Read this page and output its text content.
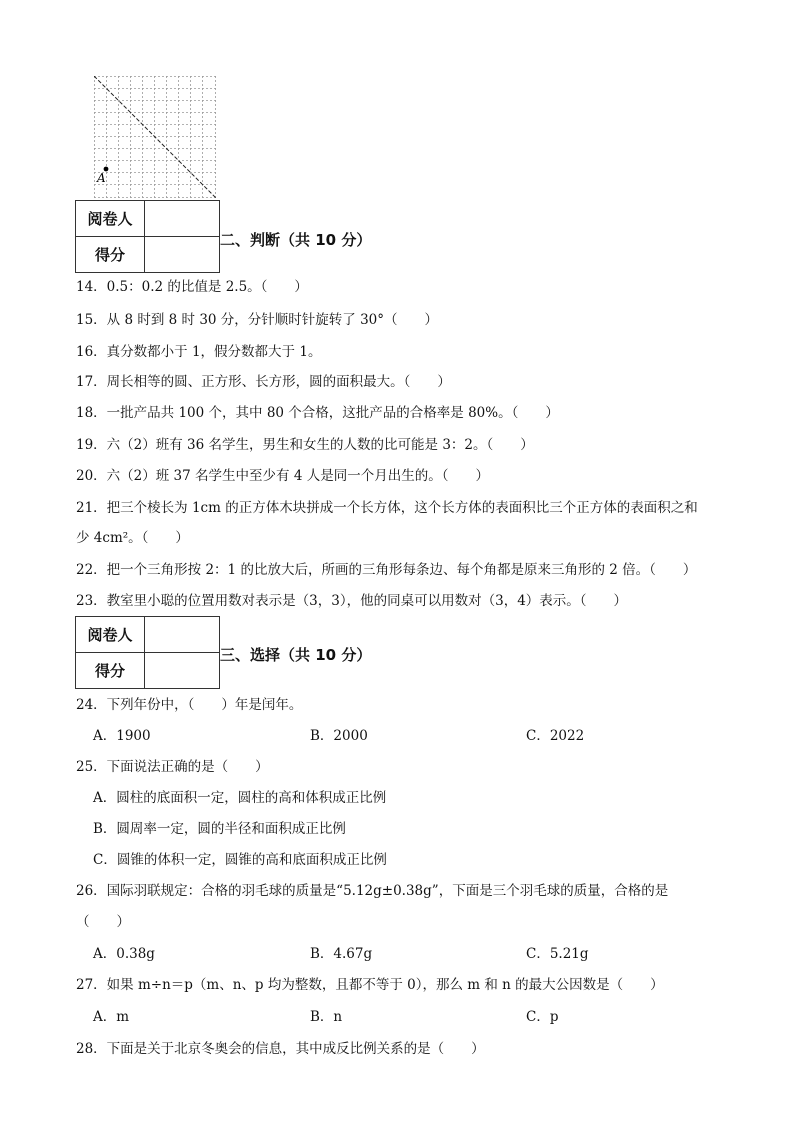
A
阅卷人	
得分	
二、判断（共 10 分）
14．0.5：0.2 的比值是 2.5。（　　）
15．从 8 时到 8 时 30 分，分针顺时针旋转了 30°（　　）
16．真分数都小于 1，假分数都大于 1。
17．周长相等的圆、正方形、长方形，圆的面积最大。（　　）
18．一批产品共 100 个，其中 80 个合格，这批产品的合格率是 80%。（　　）
19．六（2）班有 36 名学生，男生和女生的人数的比可能是 3：2。（　　）
20．六（2）班 37 名学生中至少有 4 人是同一个月出生的。（　　）
21．把三个棱长为 1cm 的正方体木块拼成一个长方体，这个长方体的表面积比三个正方体的表面积之和
少 4cm²。（　　）
22．把一个三角形按 2：1 的比放大后，所画的三角形每条边、每个角都是原来三角形的 2 倍。（　　）
23．教室里小聪的位置用数对表示是（3，3），他的同桌可以用数对（3，4）表示。（　　）
阅卷人	
得分	
三、选择（共 10 分）
24．下列年份中，（　　）年是闰年。
A．1900	B．2000	C．2022
25．下面说法正确的是（　　）
A．圆柱的底面积一定，圆柱的高和体积成正比例
B．圆周率一定，圆的半径和面积成正比例
C．圆锥的体积一定，圆锥的高和底面积成正比例
26．国际羽联规定：合格的羽毛球的质量是“5.12g±0.38g”，下面是三个羽毛球的质量，合格的是
（　　）
A．0.38g	B．4.67g	C．5.21g
27．如果 m÷n＝p（m、n、p 均为整数，且都不等于 0），那么 m 和 n 的最大公因数是（　　）
A．m	B．n	C．p
28．下面是关于北京冬奥会的信息，其中成反比例关系的是（　　）
